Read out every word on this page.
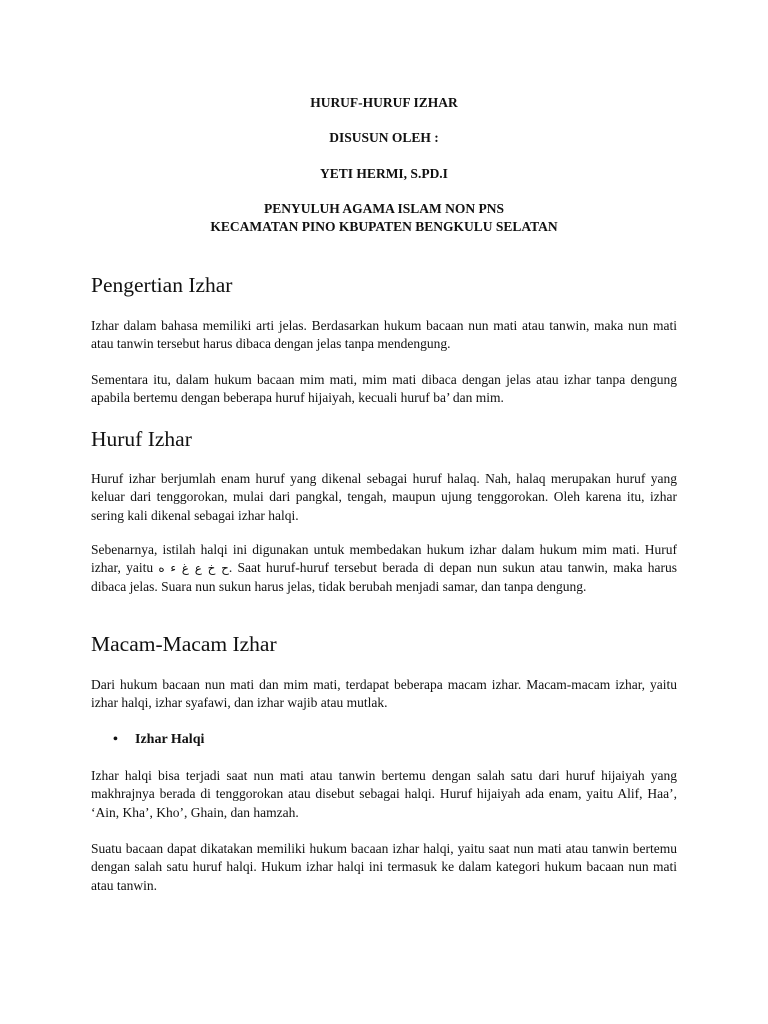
HURUF-HURUF IZHAR
DISUSUN OLEH :
YETI HERMI, S.PD.I
PENYULUH AGAMA ISLAM NON PNS
KECAMATAN PINO KBUPATEN BENGKULU SELATAN
Pengertian Izhar

Izhar dalam bahasa memiliki arti jelas. Berdasarkan hukum bacaan nun mati atau tanwin, maka nun mati atau tanwin tersebut harus dibaca dengan jelas tanpa mendengung.

Sementara itu, dalam hukum bacaan mim mati, mim mati dibaca dengan jelas atau izhar tanpa dengung apabila bertemu dengan beberapa huruf hijaiyah, kecuali huruf ba’ dan mim.

Huruf Izhar

Huruf izhar berjumlah enam huruf yang dikenal sebagai huruf halaq. Nah, halaq merupakan huruf yang keluar dari tenggorokan, mulai dari pangkal, tengah, maupun ujung tenggorokan. Oleh karena itu, izhar sering kali dikenal sebagai izhar halqi.

Sebenarnya, istilah halqi ini digunakan untuk membedakan hukum izhar dalam hukum mim mati. Huruf izhar, yaitu ح خ ع غ ء ه. Saat huruf-huruf tersebut berada di depan nun sukun atau tanwin, maka harus dibaca jelas. Suara nun sukun harus jelas, tidak berubah menjadi samar, dan tanpa dengung.

Macam-Macam Izhar

Dari hukum bacaan nun mati dan mim mati, terdapat beberapa macam izhar. Macam-macam izhar, yaitu izhar halqi, izhar syafawi, dan izhar wajib atau mutlak.

• Izhar Halqi

Izhar halqi bisa terjadi saat nun mati atau tanwin bertemu dengan salah satu dari huruf hijaiyah yang makhrajnya berada di tenggorokan atau disebut sebagai halqi. Huruf hijaiyah ada enam, yaitu Alif, Haa’, ‘Ain, Kha’, Kho’, Ghain, dan hamzah.

Suatu bacaan dapat dikatakan memiliki hukum bacaan izhar halqi, yaitu saat nun mati atau tanwin bertemu dengan salah satu huruf halqi. Hukum izhar halqi ini termasuk ke dalam kategori hukum bacaan nun mati atau tanwin.
